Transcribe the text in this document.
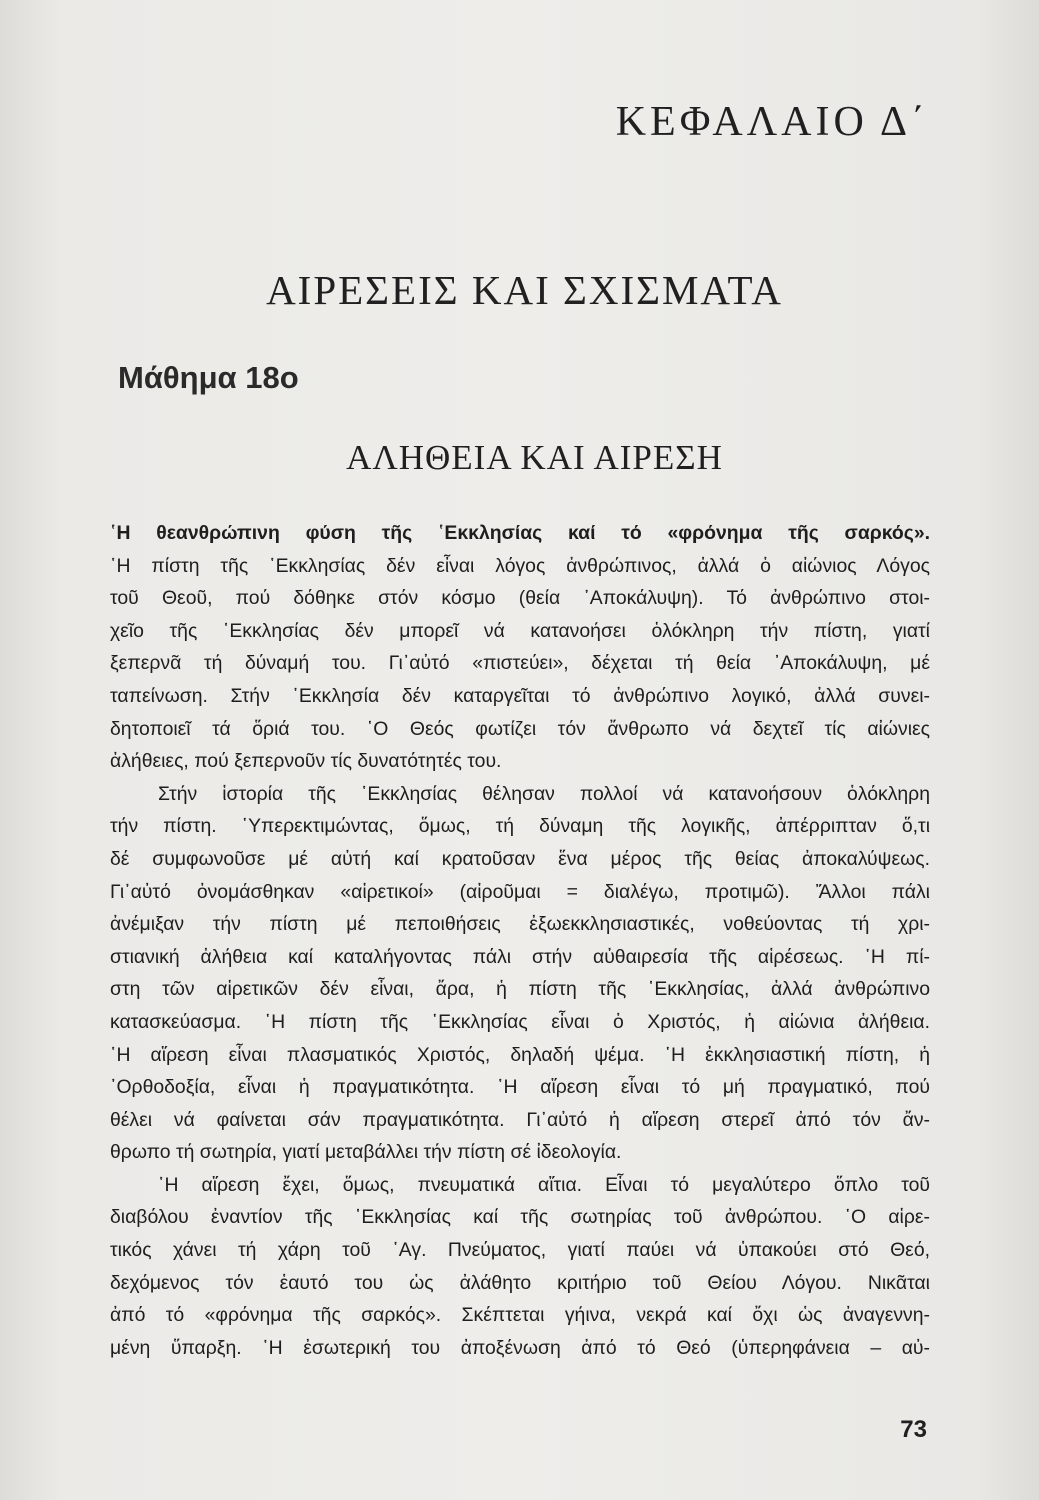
ΚΕΦΑΛΑΙΟ Δ΄
ΑΙΡΕΣΕΙΣ ΚΑΙ ΣΧΙΣΜΑΤΑ
Μάθημα 18ο
ΑΛΗΘΕΙΑ ΚΑΙ ΑΙΡΕΣΗ
῾Η θεανθρώπινη φύση τῆς ῾Εκκλησίας καί τό «φρόνημα τῆς σαρκός».
῾Η πίστη τῆς ῾Εκκλησίας δέν εἶναι λόγος ἀνθρώπινος, ἀλλά ὁ αἰώνιος Λόγος
τοῦ Θεοῦ, πού δόθηκε στόν κόσμο (θεία ᾿Αποκάλυψη). Τό ἀνθρώπινο στοι-
χεῖο τῆς ῾Εκκλησίας δέν μπορεῖ νά κατανοήσει ὁλόκληρη τήν πίστη, γιατί
ξεπερνᾶ τή δύναμή του. Γι᾿αὐτό «πιστεύει», δέχεται τή θεία ᾿Αποκάλυψη, μέ
ταπείνωση. Στήν ῾Εκκλησία δέν καταργεῖται τό ἀνθρώπινο λογικό, ἀλλά συνει-
δητοποιεῖ τά ὅριά του. ῾Ο Θεός φωτίζει τόν ἄνθρωπο νά δεχτεῖ τίς αἰώνιες
ἀλήθειες, πού ξεπερνοῦν τίς δυνατότητές του.
Στήν ἱστορία τῆς ῾Εκκλησίας θέλησαν πολλοί νά κατανοήσουν ὁλόκληρη
τήν πίστη. ῾Υπερεκτιμώντας, ὅμως, τή δύναμη τῆς λογικῆς, ἀπέρριπταν ὅ,τι
δέ συμφωνοῦσε μέ αὐτή καί κρατοῦσαν ἕνα μέρος τῆς θείας ἀποκαλύψεως.
Γι᾿αὐτό ὀνομάσθηκαν «αἱρετικοί» (αἱροῦμαι = διαλέγω, προτιμῶ). Ἄλλοι πάλι
ἀνέμιξαν τήν πίστη μέ πεποιθήσεις ἐξωεκκλησιαστικές, νοθεύοντας τή χρι-
στιανική ἀλήθεια καί καταλήγοντας πάλι στήν αὐθαιρεσία τῆς αἱρέσεως. ῾Η πί-
στη τῶν αἱρετικῶν δέν εἶναι, ἄρα, ἡ πίστη τῆς ῾Εκκλησίας, ἀλλά ἀνθρώπινο
κατασκεύασμα. ῾Η πίστη τῆς ῾Εκκλησίας εἶναι ὁ Χριστός, ἡ αἰώνια ἀλήθεια.
῾Η αἵρεση εἶναι πλασματικός Χριστός, δηλαδή ψέμα. ῾Η ἐκκλησιαστική πίστη, ἡ
᾿Ορθοδοξία, εἶναι ἡ πραγματικότητα. ῾Η αἵρεση εἶναι τό μή πραγματικό, πού
θέλει νά φαίνεται σάν πραγματικότητα. Γι᾿αὐτό ἡ αἵρεση στερεῖ ἀπό τόν ἄν-
θρωπο τή σωτηρία, γιατί μεταβάλλει τήν πίστη σέ ἰδεολογία.
῾Η αἵρεση ἔχει, ὅμως, πνευματικά αἴτια. Εἶναι τό μεγαλύτερο ὅπλο τοῦ
διαβόλου ἐναντίον τῆς ῾Εκκλησίας καί τῆς σωτηρίας τοῦ ἀνθρώπου. ῾Ο αἱρε-
τικός χάνει τή χάρη τοῦ ῾Αγ. Πνεύματος, γιατί παύει νά ὑπακούει στό Θεό,
δεχόμενος τόν ἑαυτό του ὡς ἀλάθητο κριτήριο τοῦ Θείου Λόγου. Νικᾶται
ἀπό τό «φρόνημα τῆς σαρκός». Σκέπτεται γήινα, νεκρά καί ὄχι ὡς ἀναγεννη-
μένη ὕπαρξη. ῾Η ἐσωτερική του ἀποξένωση ἀπό τό Θεό (ὑπερηφάνεια – αὐ-
73
